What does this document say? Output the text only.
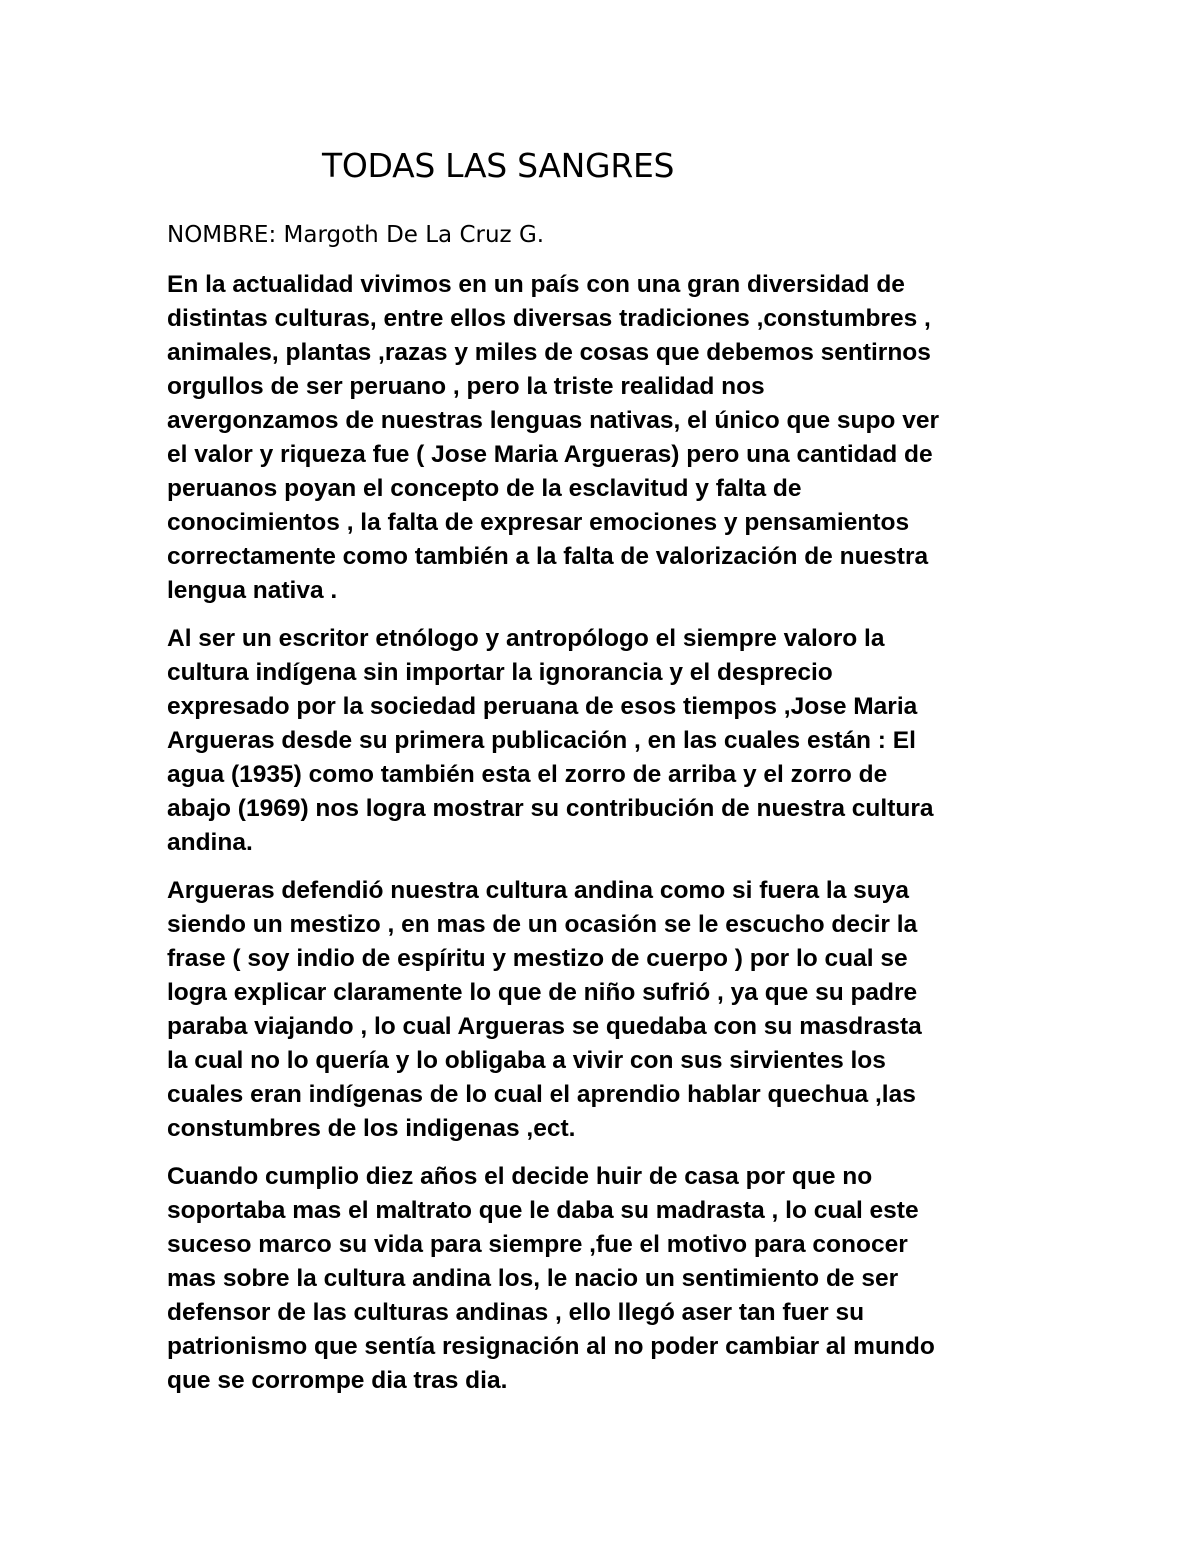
TODAS LAS SANGRES
NOMBRE: Margoth De La Cruz G.

En la actualidad vivimos en un país con una gran diversidad de
distintas culturas, entre ellos diversas tradiciones ,constumbres ,
animales, plantas ,razas y miles de cosas que debemos sentirnos
orgullos de ser peruano , pero la triste realidad nos
avergonzamos de nuestras lenguas nativas, el único que supo ver
el valor y riqueza fue ( Jose Maria Argueras) pero una cantidad de
peruanos poyan el concepto de la esclavitud y falta de
conocimientos , la falta de expresar emociones y pensamientos
correctamente como también a la falta de valorización de nuestra
lengua nativa .

Al ser un escritor etnólogo y antropólogo el siempre valoro la
cultura indígena sin importar la ignorancia y el desprecio
expresado por la sociedad peruana de esos tiempos ,Jose Maria
Argueras desde su primera publicación , en las cuales están : El
agua (1935) como también esta el zorro de arriba y el zorro de
abajo (1969) nos logra mostrar su contribución de nuestra cultura
andina.

Argueras defendió nuestra cultura andina como si fuera la suya
siendo un mestizo , en mas de un ocasión se le escucho decir la
frase ( soy indio de espíritu y mestizo de cuerpo ) por lo cual se
logra explicar claramente lo que de niño sufrió , ya que su padre
paraba viajando , lo cual Argueras se quedaba con su masdrasta
la cual no lo quería y lo obligaba a vivir con sus sirvientes los
cuales eran indígenas de lo cual el aprendio hablar quechua ,las
constumbres de los indigenas ,ect.

Cuando cumplio diez años el decide huir de casa por que no
soportaba mas el maltrato que le daba su madrasta , lo cual este
suceso marco su vida para siempre ,fue el motivo para conocer
mas sobre la cultura andina los, le nacio un sentimiento de ser
defensor de las culturas andinas , ello llegó aser tan fuer su
patrionismo que sentía resignación al no poder cambiar al mundo
que se corrompe dia tras dia.
